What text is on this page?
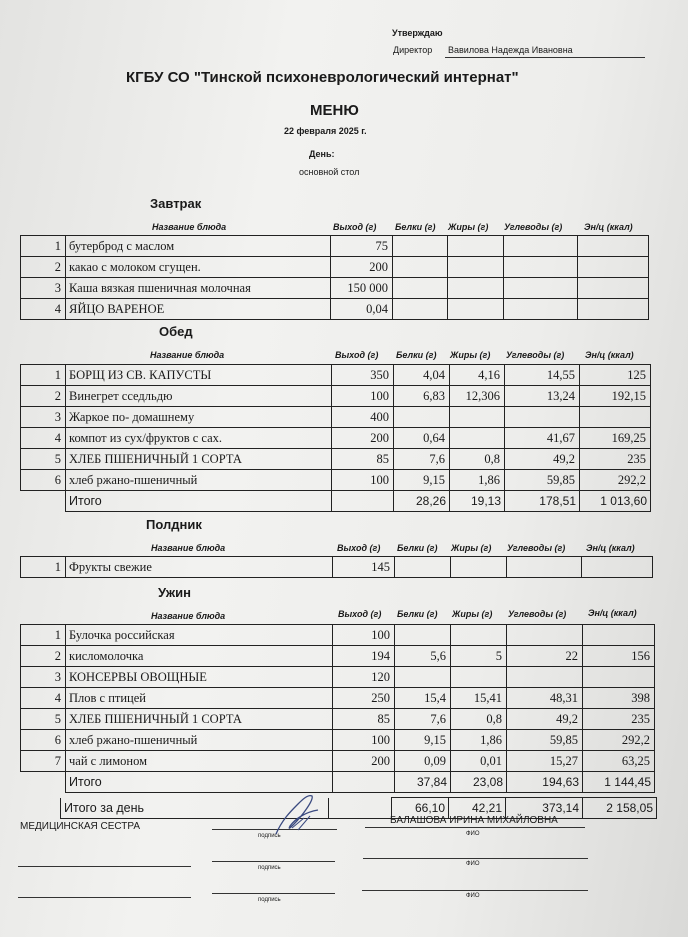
Утверждаю
Директор Вавилова Надежда Ивановна
КГБУ СО "Тинской психоневрологический интернат"
МЕНЮ
22 февраля 2025 г.
День:
основной стол
Завтрак
Название блюда	Выход (г) Белки (г) Жиры (г) Углеводы (г) Эн/ц (ккал)
1	бутерброд с маслом	75				
2	какао с молоком сгущен.	200				
3	Каша вязкая пшеничная молочная	150 000				
4	ЯЙЦО ВАРЕНОЕ	0,04				
Обед
Название блюда	Выход (г) Белки (г) Жиры (г) Углеводы (г) Эн/ц (ккал)
1	БОРЩ ИЗ СВ. КАПУСТЫ	350	4,04	4,16	14,55	125
2	Винегрет сседльдю	100	6,83	12,306	13,24	192,15
3	Жаркое по- домашнему	400				
4	компот из сух/фруктов с сах.	200	0,64		41,67	169,25
5	ХЛЕБ ПШЕНИЧНЫЙ 1 СОРТА	85	7,6	0,8	49,2	235
6	хлеб ржано-пшеничный	100	9,15	1,86	59,85	292,2
	Итого		28,26	19,13	178,51	1 013,60
Полдник
Название блюда	Выход (г) Белки (г) Жиры (г) Углеводы (г) Эн/ц (ккал)
1	Фрукты свежие	145				
Ужин
Название блюда	Выход (г) Белки (г) Жиры (г) Углеводы (г) Эн/ц (ккал)
1	Булочка российская	100				
2	кисломолочка	194	5,6	5	22	156
3	КОНСЕРВЫ ОВОЩНЫЕ	120				
4	Плов с птицей	250	15,4	15,41	48,31	398
5	ХЛЕБ ПШЕНИЧНЫЙ 1 СОРТА	85	7,6	0,8	49,2	235
6	хлеб ржано-пшеничный	100	9,15	1,86	59,85	292,2
7	чай с лимоном	200	0,09	0,01	15,27	63,25
	Итого		37,84	23,08	194,63	1 144,45
Итого за день		66,10	42,21	373,14	2 158,05
МЕДИЦИНСКАЯ СЕСТРА
БАЛАШОВА ИРИНА МИХАЙЛОВНА
подпись	ФИО
подпись
ФИО
подпись
ФИО
